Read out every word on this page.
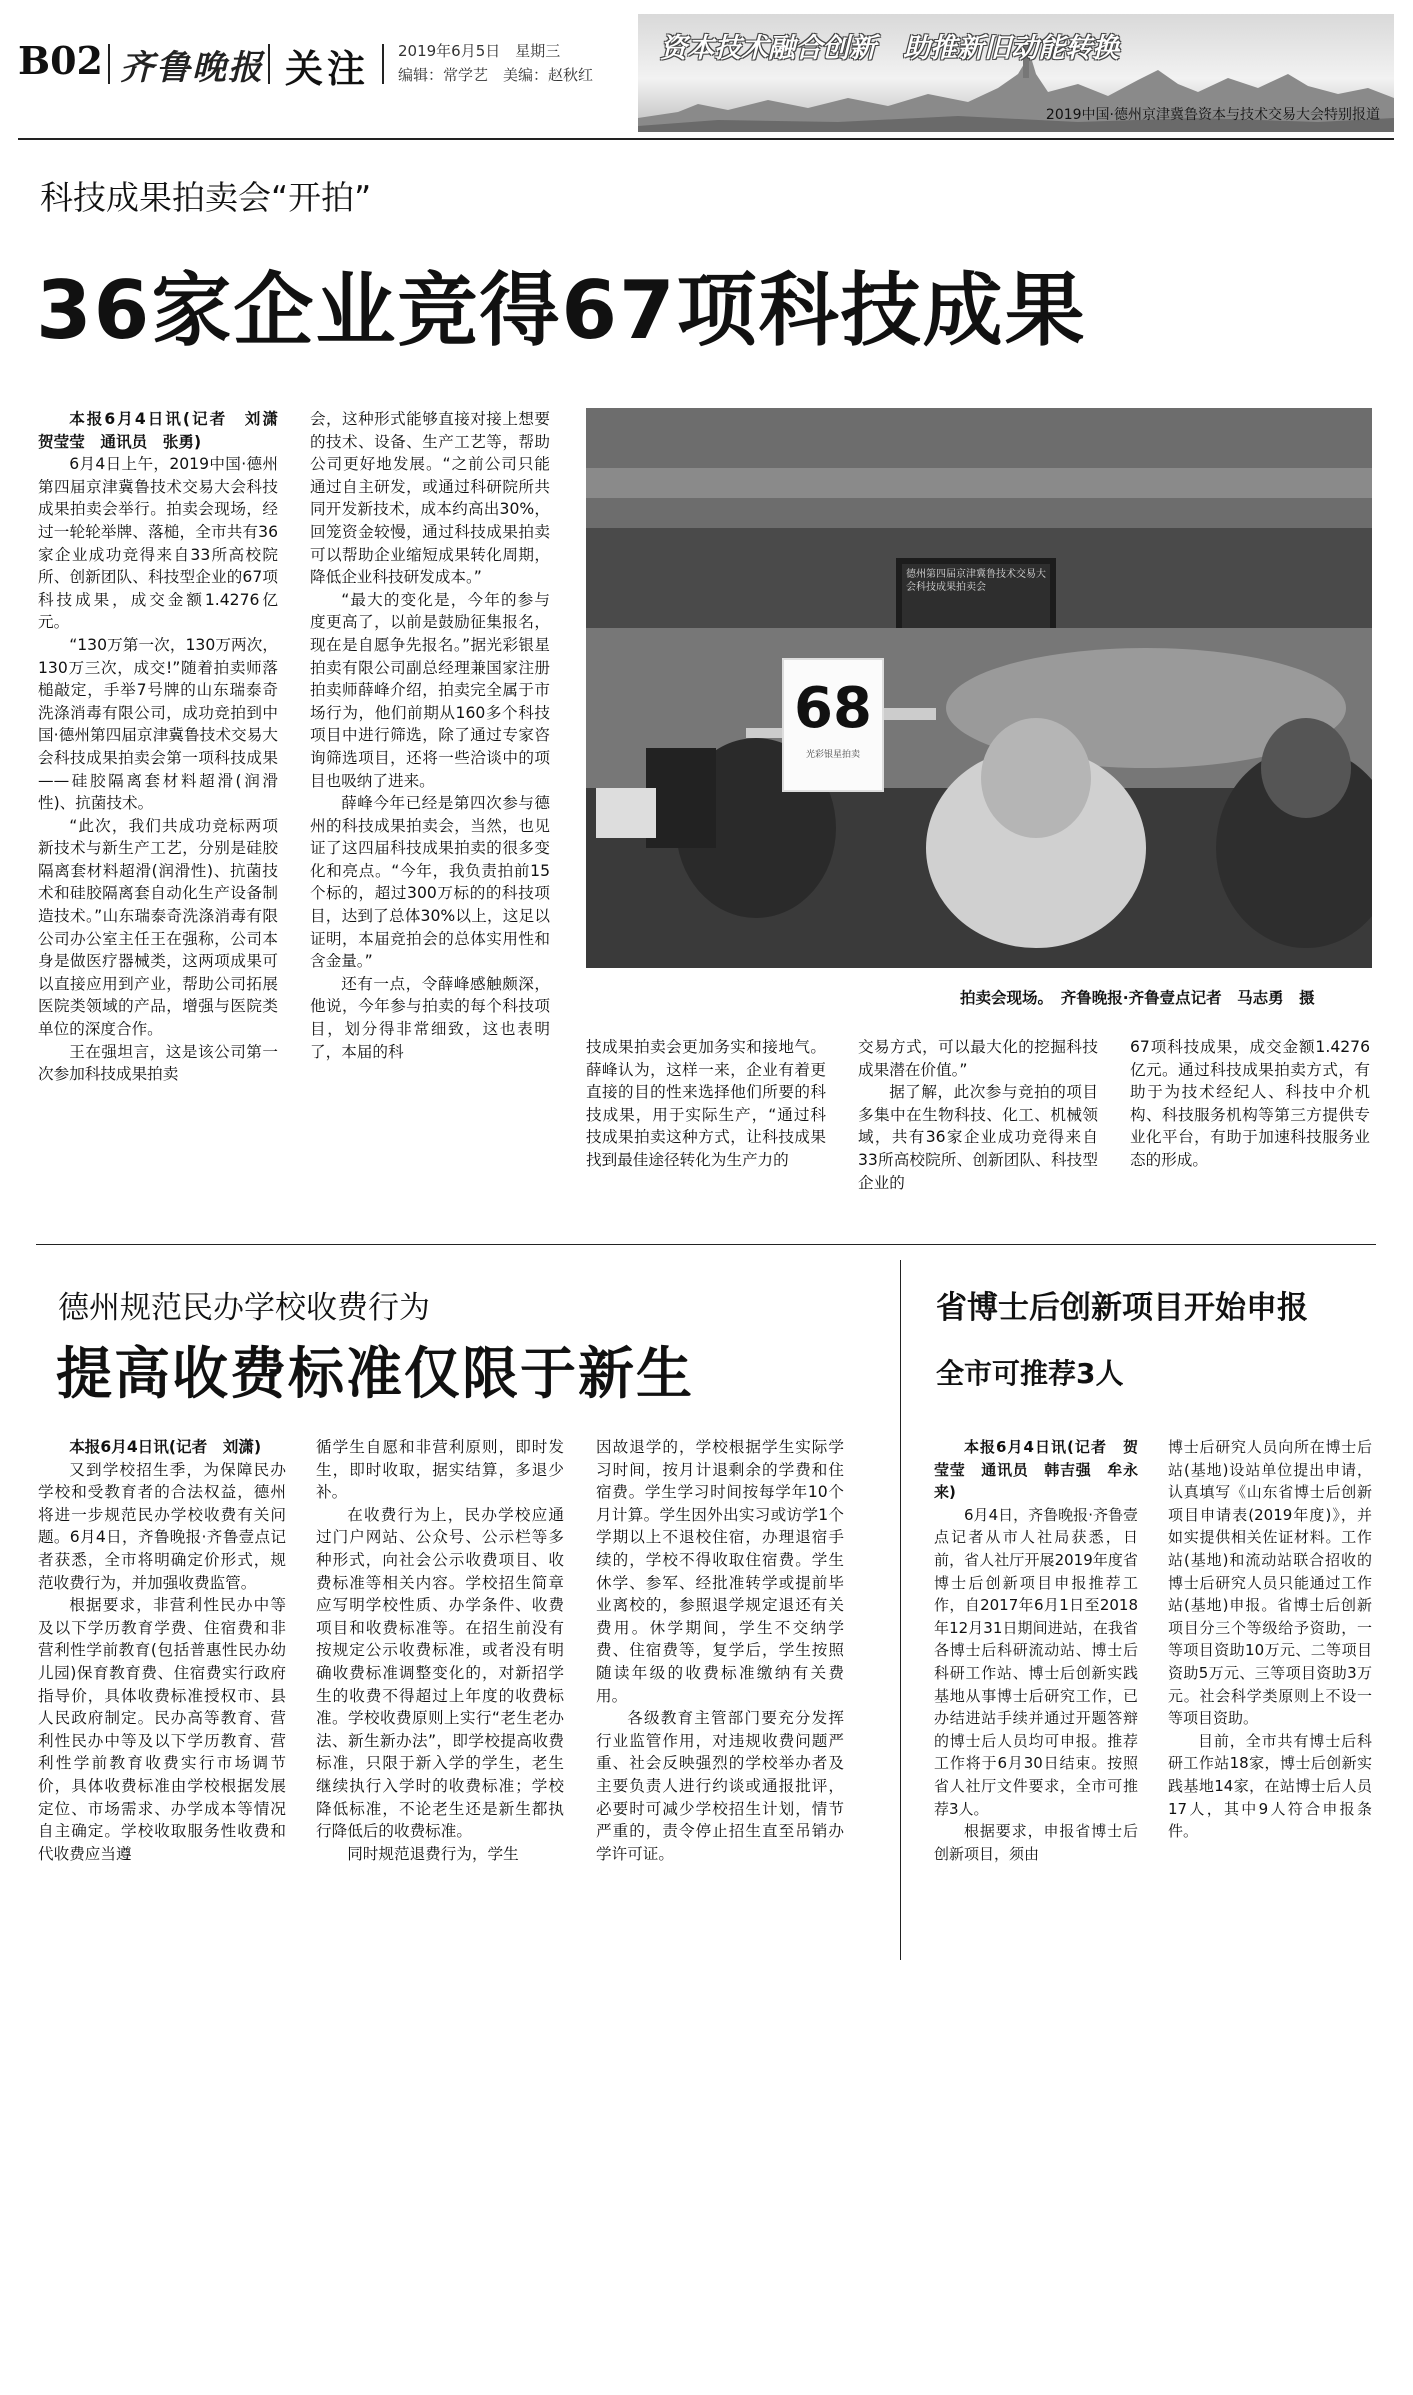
B02 齐鲁晚报 关注 2019年6月5日　星期三
编辑：常学艺　美编：赵秋红
资本技术融合创新　助推新旧动能转换
2019中国·德州京津冀鲁资本与技术交易大会特别报道
科技成果拍卖会“开拍”
36家企业竞得67项科技成果

本报6月4日讯(记者　刘潇　贺莹莹　通讯员　张勇)

6月4日上午，2019中国·德州第四届京津冀鲁技术交易大会科技成果拍卖会举行。拍卖会现场，经过一轮轮举牌、落槌，全市共有36家企业成功竞得来自33所高校院所、创新团队、科技型企业的67项科技成果，成交金额1.4276亿元。

“130万第一次，130万两次，130万三次，成交!”随着拍卖师落槌敲定，手举7号牌的山东瑞泰奇洗涤消毒有限公司，成功竞拍到中国·德州第四届京津冀鲁技术交易大会科技成果拍卖会第一项科技成果——硅胶隔离套材料超滑(润滑性)、抗菌技术。

“此次，我们共成功竞标两项新技术与新生产工艺，分别是硅胶隔离套材料超滑(润滑性)、抗菌技术和硅胶隔离套自动化生产设备制造技术。”山东瑞泰奇洗涤消毒有限公司办公室主任王在强称，公司本身是做医疗器械类，这两项成果可以直接应用到产业，帮助公司拓展医院类领域的产品，增强与医院类单位的深度合作。

王在强坦言，这是该公司第一次参加科技成果拍卖

会，这种形式能够直接对接上想要的技术、设备、生产工艺等，帮助公司更好地发展。“之前公司只能通过自主研发，或通过科研院所共同开发新技术，成本约高出30%，回笼资金较慢，通过科技成果拍卖可以帮助企业缩短成果转化周期，降低企业科技研发成本。”

“最大的变化是，今年的参与度更高了，以前是鼓励征集报名，现在是自愿争先报名。”据光彩银星拍卖有限公司副总经理兼国家注册拍卖师薛峰介绍，拍卖完全属于市场行为，他们前期从160多个科技项目中进行筛选，除了通过专家咨询筛选项目，还将一些洽谈中的项目也吸纳了进来。

薛峰今年已经是第四次参与德州的科技成果拍卖会，当然，也见证了这四届科技成果拍卖的很多变化和亮点。“今年，我负责拍前15个标的，超过300万标的的科技项目，达到了总体30%以上，这足以证明，本届竞拍会的总体实用性和含金量。”

还有一点，令薛峰感触颇深，他说，今年参与拍卖的每个科技项目，划分得非常细致，这也表明了，本届的科

68
光彩银星拍卖
德州第四届京津冀鲁技术交易大会科技成果拍卖会
拍卖会现场。　齐鲁晚报·齐鲁壹点记者　马志勇　摄

技成果拍卖会更加务实和接地气。薛峰认为，这样一来，企业有着更直接的目的性来选择他们所要的科技成果，用于实际生产，“通过科技成果拍卖这种方式，让科技成果找到最佳途径转化为生产力的

交易方式，可以最大化的挖掘科技成果潜在价值。”

据了解，此次参与竞拍的项目多集中在生物科技、化工、机械领域，共有36家企业成功竞得来自33所高校院所、创新团队、科技型企业的

67项科技成果，成交金额1.4276亿元。通过科技成果拍卖方式，有助于为技术经纪人、科技中介机构、科技服务机构等第三方提供专业化平台，有助于加速科技服务业态的形成。

德州规范民办学校收费行为
提高收费标准仅限于新生

本报6月4日讯(记者　刘潇)

又到学校招生季，为保障民办学校和受教育者的合法权益，德州将进一步规范民办学校收费有关问题。6月4日，齐鲁晚报·齐鲁壹点记者获悉，全市将明确定价形式，规范收费行为，并加强收费监管。

根据要求，非营利性民办中等及以下学历教育学费、住宿费和非营利性学前教育(包括普惠性民办幼儿园)保育教育费、住宿费实行政府指导价，具体收费标准授权市、县人民政府制定。民办高等教育、营利性民办中等及以下学历教育、营利性学前教育收费实行市场调节价，具体收费标准由学校根据发展定位、市场需求、办学成本等情况自主确定。学校收取服务性收费和代收费应当遵

循学生自愿和非营利原则，即时发生，即时收取，据实结算，多退少补。

在收费行为上，民办学校应通过门户网站、公众号、公示栏等多种形式，向社会公示收费项目、收费标准等相关内容。学校招生简章应写明学校性质、办学条件、收费项目和收费标准等。在招生前没有按规定公示收费标准，或者没有明确收费标准调整变化的，对新招学生的收费不得超过上年度的收费标准。学校收费原则上实行“老生老办法、新生新办法”，即学校提高收费标准，只限于新入学的学生，老生继续执行入学时的收费标准；学校降低标准，不论老生还是新生都执行降低后的收费标准。

同时规范退费行为，学生

因故退学的，学校根据学生实际学习时间，按月计退剩余的学费和住宿费。学生学习时间按每学年10个月计算。学生因外出实习或访学1个学期以上不退校住宿，办理退宿手续的，学校不得收取住宿费。学生休学、参军、经批准转学或提前毕业离校的，参照退学规定退还有关费用。休学期间，学生不交纳学费、住宿费等，复学后，学生按照随读年级的收费标准缴纳有关费用。

各级教育主管部门要充分发挥行业监管作用，对违规收费问题严重、社会反映强烈的学校举办者及主要负责人进行约谈或通报批评，必要时可减少学校招生计划，情节严重的，责令停止招生直至吊销办学许可证。

省博士后创新项目开始申报
全市可推荐3人

本报6月4日讯(记者　贺莹莹　通讯员　韩吉强　牟永来)

6月4日，齐鲁晚报·齐鲁壹点记者从市人社局获悉，日前，省人社厅开展2019年度省博士后创新项目申报推荐工作，自2017年6月1日至2018年12月31日期间进站，在我省各博士后科研流动站、博士后科研工作站、博士后创新实践基地从事博士后研究工作，已办结进站手续并通过开题答辩的博士后人员均可申报。推荐工作将于6月30日结束。按照省人社厅文件要求，全市可推荐3人。

根据要求，申报省博士后创新项目，须由

博士后研究人员向所在博士后站(基地)设站单位提出申请，认真填写《山东省博士后创新项目申请表(2019年度)》，并如实提供相关佐证材料。工作站(基地)和流动站联合招收的博士后研究人员只能通过工作站(基地)申报。省博士后创新项目分三个等级给予资助，一等项目资助10万元、二等项目资助5万元、三等项目资助3万元。社会科学类原则上不设一等项目资助。

目前，全市共有博士后科研工作站18家，博士后创新实践基地14家，在站博士后人员17人，其中9人符合申报条件。
